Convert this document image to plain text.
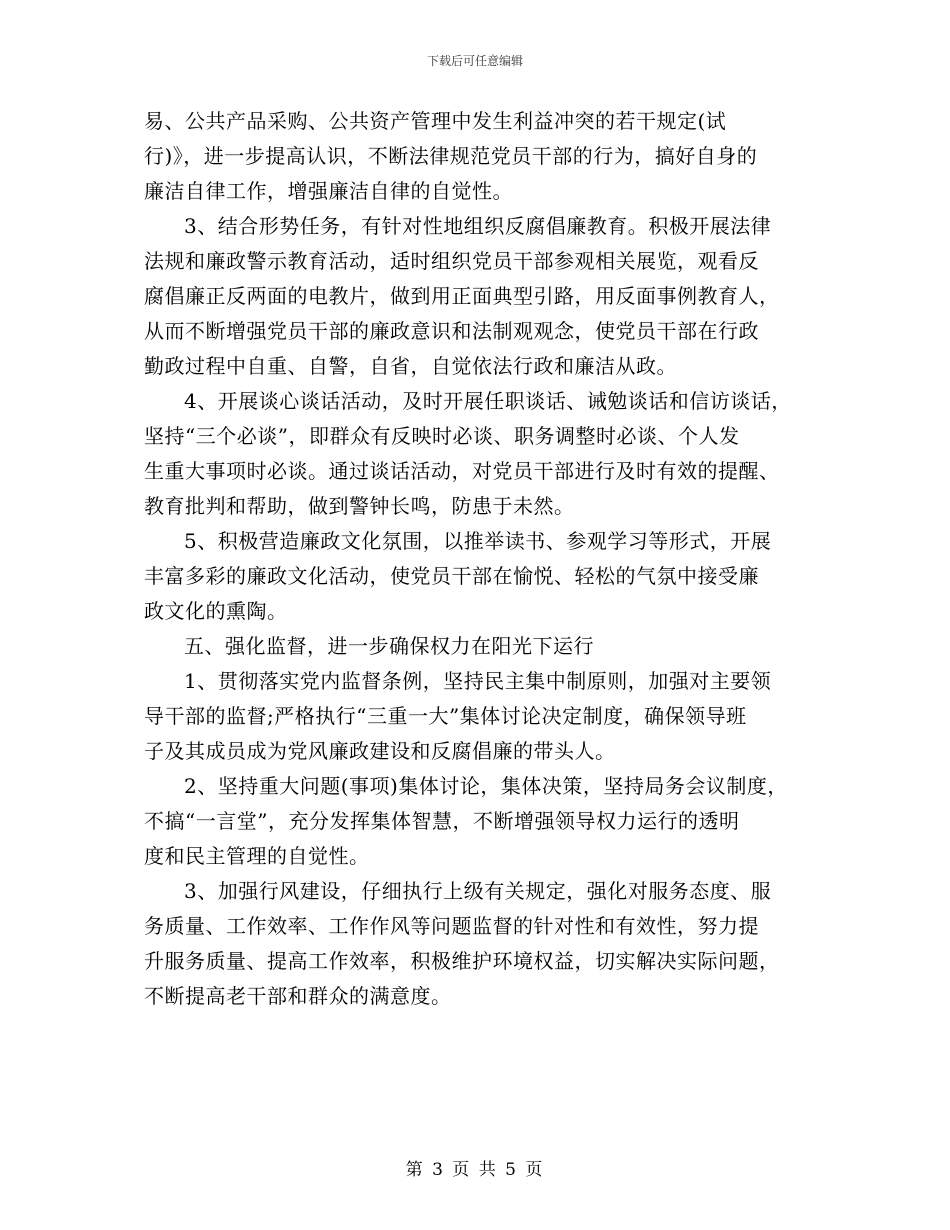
下载后可任意编辑

易、公共产品采购、公共资产管理中发生利益冲突的若干规定(试
行)》，进一步提高认识，不断法律规范党员干部的行为，搞好自身的
廉洁自律工作，增强廉洁自律的自觉性。

3、结合形势任务，有针对性地组织反腐倡廉教育。积极开展法律
法规和廉政警示教育活动，适时组织党员干部参观相关展览，观看反
腐倡廉正反两面的电教片，做到用正面典型引路，用反面事例教育人，
从而不断增强党员干部的廉政意识和法制观观念，使党员干部在行政
勤政过程中自重、自警，自省，自觉依法行政和廉洁从政。

4、开展谈心谈话活动，及时开展任职谈话、诫勉谈话和信访谈话，
坚持“三个必谈”，即群众有反映时必谈、职务调整时必谈、个人发
生重大事项时必谈。通过谈话活动，对党员干部进行及时有效的提醒、
教育批判和帮助，做到警钟长鸣，防患于未然。

5、积极营造廉政文化氛围，以推举读书、参观学习等形式，开展
丰富多彩的廉政文化活动，使党员干部在愉悦、轻松的气氛中接受廉
政文化的熏陶。

五、强化监督，进一步确保权力在阳光下运行

1、贯彻落实党内监督条例，坚持民主集中制原则，加强对主要领
导干部的监督;严格执行“三重一大”集体讨论决定制度，确保领导班
子及其成员成为党风廉政建设和反腐倡廉的带头人。

2、坚持重大问题(事项)集体讨论，集体决策，坚持局务会议制度，
不搞“一言堂”，充分发挥集体智慧，不断增强领导权力运行的透明
度和民主管理的自觉性。

3、加强行风建设，仔细执行上级有关规定，强化对服务态度、服
务质量、工作效率、工作作风等问题监督的针对性和有效性，努力提
升服务质量、提高工作效率，积极维护环境权益，切实解决实际问题，
不断提高老干部和群众的满意度。

第 3 页 共 5 页
